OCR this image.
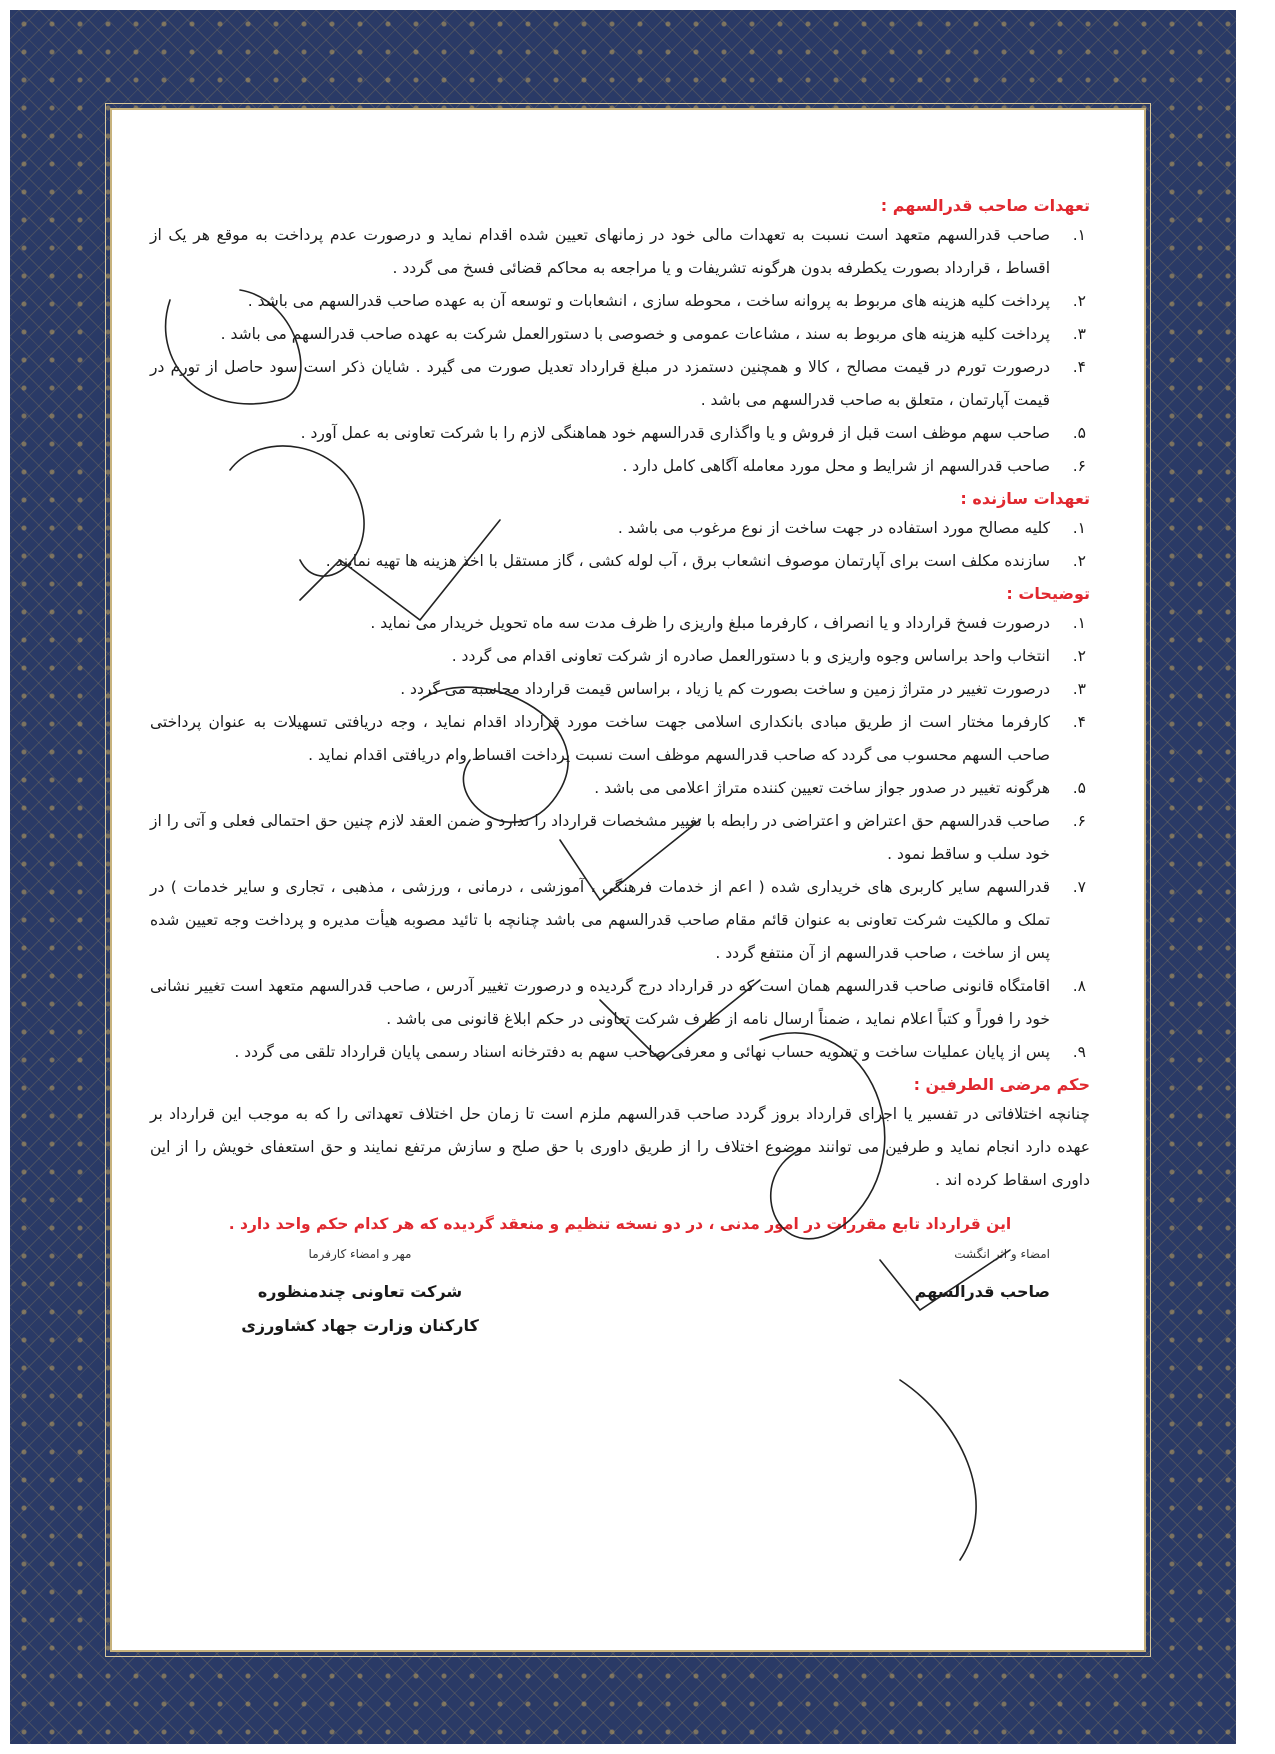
تعهدات صاحب قدرالسهم :
۱.
صاحب قدرالسهم متعهد است نسبت به تعهدات مالی خود در زمانهای تعیین شده اقدام نماید و درصورت عدم پرداخت به موقع هر یک از اقساط ، قرارداد بصورت یکطرفه بدون هرگونه تشریفات و یا مراجعه به محاکم قضائی فسخ می گردد .
۲.
پرداخت کلیه هزینه های مربوط به پروانه ساخت ، محوطه سازی ، انشعابات و توسعه آن به عهده صاحب قدرالسهم می باشد .
۳.
پرداخت کلیه هزینه های مربوط به سند ، مشاعات عمومی و خصوصی با دستورالعمل شرکت به عهده صاحب قدرالسهم می باشد .
۴.
درصورت تورم در قیمت مصالح ، کالا و همچنین دستمزد در مبلغ قرارداد تعدیل صورت می گیرد . شایان ذکر است سود حاصل از تورم در قیمت آپارتمان ، متعلق به صاحب قدرالسهم می باشد .
۵.
صاحب سهم موظف است قبل از فروش و یا واگذاری قدرالسهم خود هماهنگی لازم را با شرکت تعاونی به عمل آورد .
۶.
صاحب قدرالسهم از شرایط و محل مورد معامله آگاهی کامل دارد .
تعهدات سازنده :
۱.
کلیه مصالح مورد استفاده در جهت ساخت از نوع مرغوب می باشد .
۲.
سازنده مکلف است برای آپارتمان موصوف انشعاب برق ، آب لوله کشی ، گاز مستقل با اخذ هزینه ها تهیه نمایند .
توضیحات :
۱.
درصورت فسخ قرارداد و یا انصراف ، کارفرما مبلغ واریزی را ظرف مدت سه ماه تحویل خریدار می نماید .
۲.
انتخاب واحد براساس وجوه واریزی و با دستورالعمل صادره از شرکت تعاونی اقدام می گردد .
۳.
درصورت تغییر در متراژ زمین و ساخت بصورت کم یا زیاد ، براساس قیمت قرارداد محاسبه می گردد .
۴.
کارفرما مختار است از طریق مبادی بانکداری اسلامی جهت ساخت مورد قرارداد اقدام نماید ، وجه دریافتی تسهیلات به عنوان پرداختی صاحب السهم محسوب می گردد که صاحب قدرالسهم موظف است نسبت پرداخت اقساط وام دریافتی اقدام نماید .
۵.
هرگونه تغییر در صدور جواز ساخت تعیین کننده متراژ اعلامی می باشد .
۶.
صاحب قدرالسهم حق اعتراض و اعتراضی در رابطه با تغییر مشخصات قرارداد را ندارد و ضمن العقد لازم چنین حق احتمالی فعلی و آتی را از خود سلب و ساقط نمود .
۷.
قدرالسهم سایر کاربری های خریداری شده ( اعم از خدمات فرهنگی ، آموزشی ، درمانی ، ورزشی ، مذهبی ، تجاری و سایر خدمات ) در تملک و مالکیت شرکت تعاونی به عنوان قائم مقام صاحب قدرالسهم می باشد چنانچه با تائید مصوبه هیأت مدیره و پرداخت وجه تعیین شده پس از ساخت ، صاحب قدرالسهم از آن منتفع گردد .
۸.
اقامتگاه قانونی صاحب قدرالسهم همان است که در قرارداد درج گردیده و درصورت تغییر آدرس ، صاحب قدرالسهم متعهد است تغییر نشانی خود را فوراً و کتباً اعلام نماید ، ضمناً ارسال نامه از طرف شرکت تعاونی در حکم ابلاغ قانونی می باشد .
۹.
پس از پایان عملیات ساخت و تسویه حساب نهائی و معرفی صاحب سهم به دفترخانه اسناد رسمی پایان قرارداد تلقی می گردد .
حکم مرضی الطرفین :
چنانچه اختلافاتی در تفسیر یا اجرای قرارداد بروز گردد صاحب قدرالسهم ملزم است تا زمان حل اختلاف تعهداتی را که به موجب این قرارداد بر عهده دارد انجام نماید و طرفین می توانند موضوع اختلاف را از طریق داوری با حق صلح و سازش مرتفع نمایند و حق استعفای خویش را از این داوری اسقاط کرده اند .
این قرارداد تابع مقررات در امور مدنی ، در دو نسخه تنظیم و منعقد گردیده که هر کدام حکم واحد دارد .
امضاء و اثر انگشت
صاحب قدرالسهم
مهر و امضاء کارفرما
شرکت تعاونی چندمنظوره
کارکنان وزارت جهاد کشاورزی
